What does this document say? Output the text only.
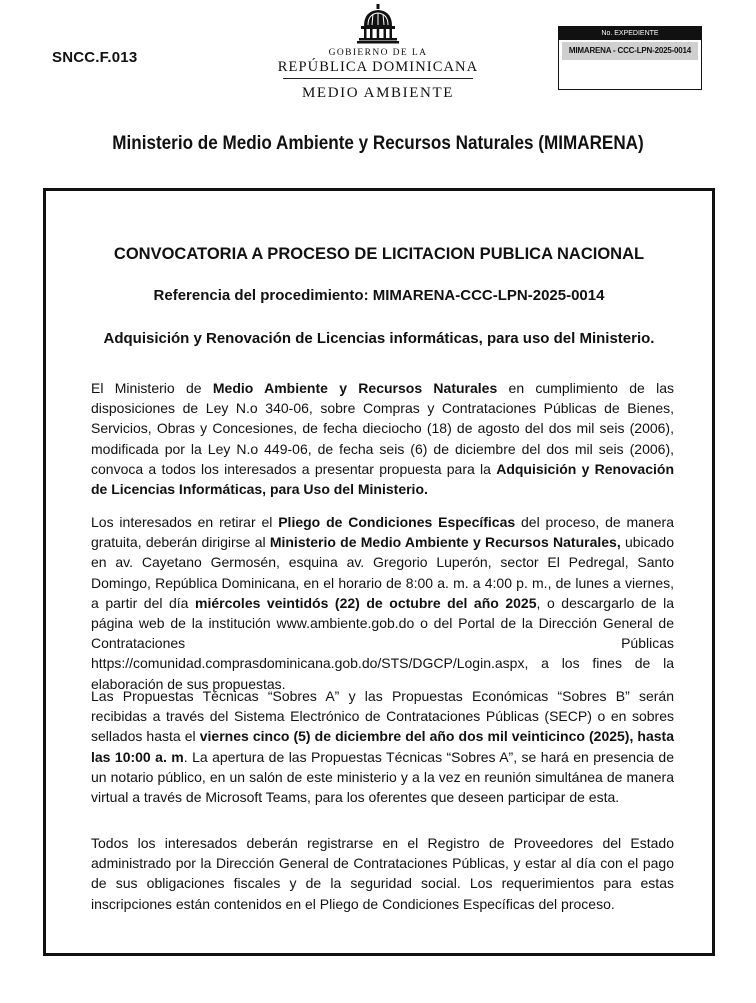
SNCC.F.013	GOBIERNO DE LA
REPÚBLICA DOMINICANA
MEDIO AMBIENTE
No. EXPEDIENTE
MIMARENA - CCC-LPN-2025-0014
Ministerio de Medio Ambiente y Recursos Naturales (MIMARENA)
CONVOCATORIA A PROCESO DE LICITACION PUBLICA NACIONAL
Referencia del procedimiento: MIMARENA-CCC-LPN-2025-0014
Adquisición y Renovación de Licencias informáticas, para uso del Ministerio.
El Ministerio de Medio Ambiente y Recursos Naturales en cumplimiento de las disposiciones de Ley N.o 340-06, sobre Compras y Contrataciones Públicas de Bienes, Servicios, Obras y Concesiones, de fecha dieciocho (18) de agosto del dos mil seis (2006), modificada por la Ley N.o 449-06, de fecha seis (6) de diciembre del dos mil seis (2006), convoca a todos los interesados a presentar propuesta para la Adquisición y Renovación de Licencias Informáticas, para Uso del Ministerio.
Los interesados en retirar el Pliego de Condiciones Específicas del proceso, de manera gratuita, deberán dirigirse al Ministerio de Medio Ambiente y Recursos Naturales, ubicado en av. Cayetano Germosén, esquina av. Gregorio Luperón, sector El Pedregal, Santo Domingo, República Dominicana, en el horario de 8:00 a. m. a 4:00 p. m., de lunes a viernes, a partir del día miércoles veintidós (22) de octubre del año 2025, o descargarlo de la página web de la institución www.ambiente.gob.do o del Portal de la Dirección General de Contrataciones Públicas https://comunidad.comprasdominicana.gob.do/STS/DGCP/Login.aspx, a los fines de la elaboración de sus propuestas.
Las Propuestas Técnicas “Sobres A” y las Propuestas Económicas “Sobres B” serán recibidas a través del Sistema Electrónico de Contrataciones Públicas (SECP) o en sobres sellados hasta el viernes cinco (5) de diciembre del año dos mil veinticinco (2025), hasta las 10:00 a. m. La apertura de las Propuestas Técnicas “Sobres A”, se hará en presencia de un notario público, en un salón de este ministerio y a la vez en reunión simultánea de manera virtual a través de Microsoft Teams, para los oferentes que deseen participar de esta.
Todos los interesados deberán registrarse en el Registro de Proveedores del Estado administrado por la Dirección General de Contrataciones Públicas, y estar al día con el pago de sus obligaciones fiscales y de la seguridad social. Los requerimientos para estas inscripciones están contenidos en el Pliego de Condiciones Específicas del proceso.
